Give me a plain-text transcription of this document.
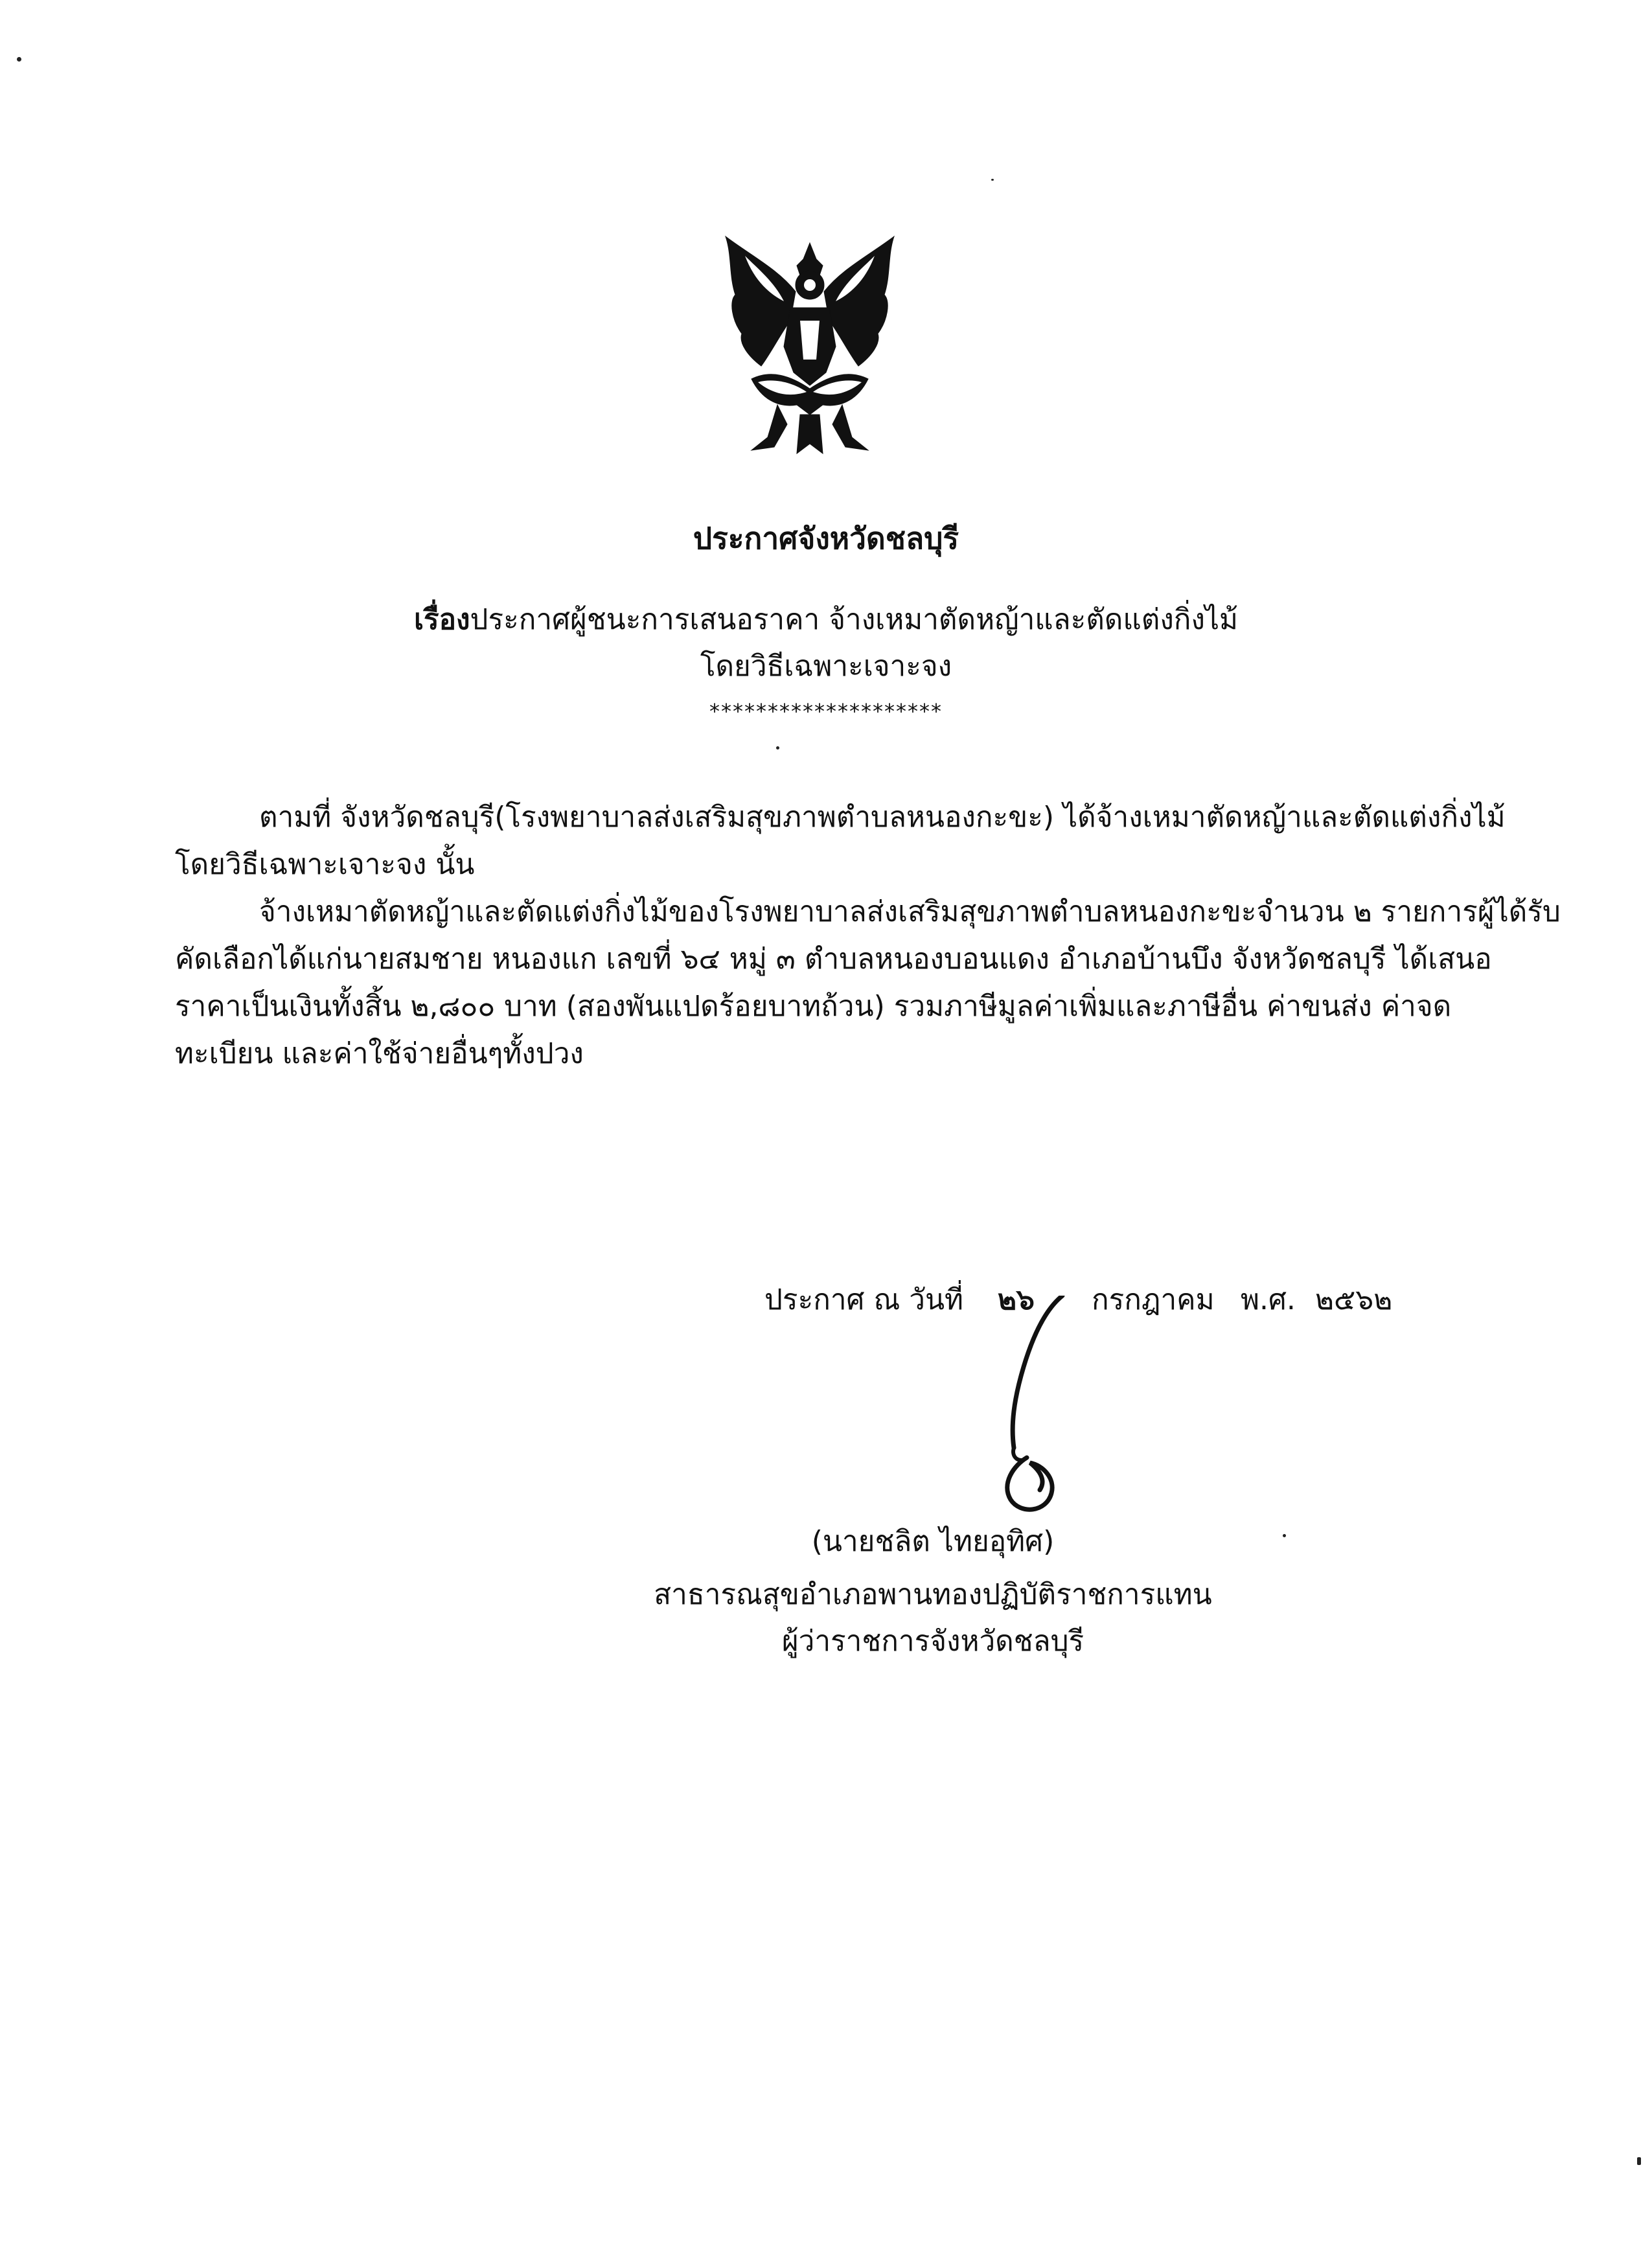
ประกาศจังหวัดชลบุรี
เรื่องประกาศผู้ชนะการเสนอราคา จ้างเหมาตัดหญ้าและตัดแต่งกิ่งไม้
โดยวิธีเฉพาะเจาะจง
********************
ตามที่ จังหวัดชลบุรี(โรงพยาบาลส่งเสริมสุขภาพตำบลหนองกะขะ) ได้จ้างเหมาตัดหญ้าและตัดแต่งกิ่งไม้
โดยวิธีเฉพาะเจาะจง นั้น
จ้างเหมาตัดหญ้าและตัดแต่งกิ่งไม้ของโรงพยาบาลส่งเสริมสุขภาพตำบลหนองกะขะจำนวน ๒ รายการผู้ได้รับ
คัดเลือกได้แก่นายสมชาย หนองแก เลขที่ ๖๔ หมู่ ๓ ตำบลหนองบอนแดง อำเภอบ้านบึง จังหวัดชลบุรี ได้เสนอ
ราคาเป็นเงินทั้งสิ้น ๒,๘๐๐ บาท (สองพันแปดร้อยบาทถ้วน) รวมภาษีมูลค่าเพิ่มและภาษีอื่น ค่าขนส่ง ค่าจด
ทะเบียน และค่าใช้จ่ายอื่นๆทั้งปวง
ประกาศ ณ วันที่ ๒๖ กรกฎาคม พ.ศ. ๒๕๖๒
(นายชลิต ไทยอุทิศ)
สาธารณสุขอำเภอพานทองปฏิบัติราชการแทน
ผู้ว่าราชการจังหวัดชลบุรี
